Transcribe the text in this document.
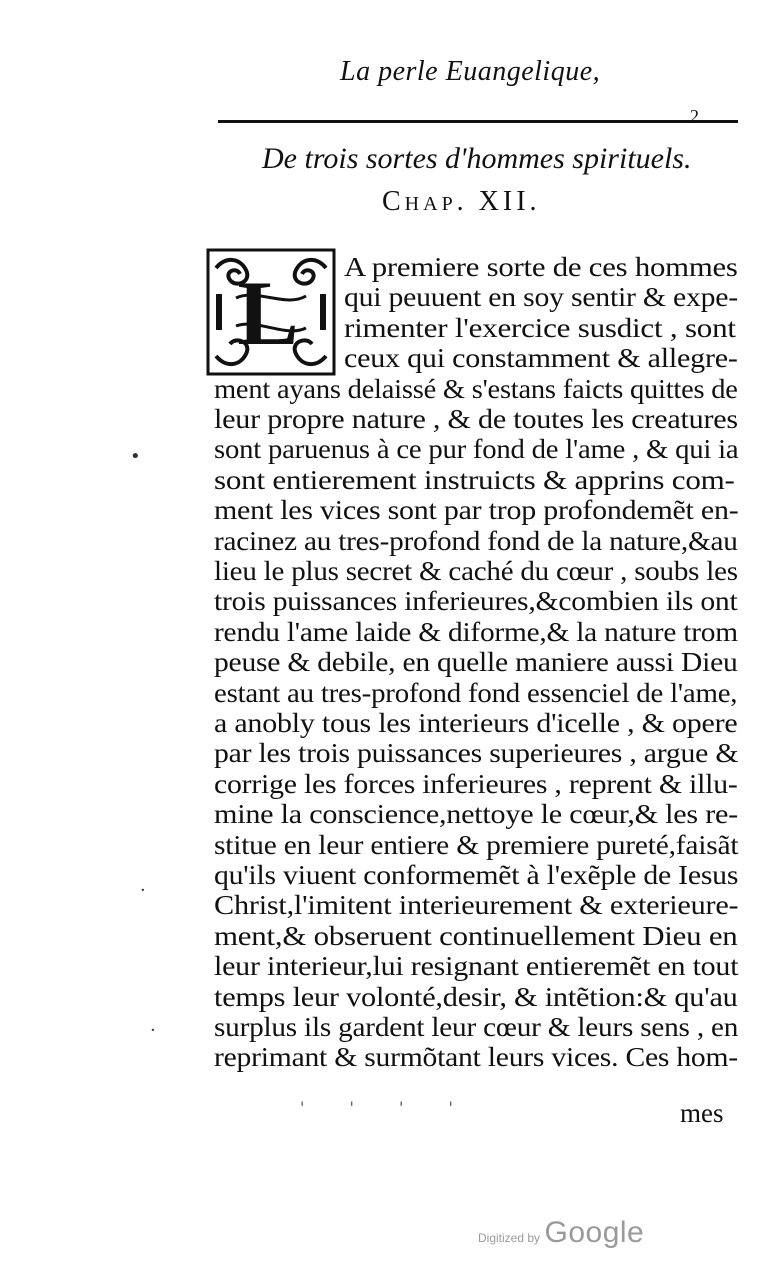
La perle Euangelique,
2
De trois sortes d'hommes spirituels.
Chap. XII.
L A premiere sorte de ces hommes
qui peuuent en soy sentir & expe-
rimenter l'exercice susdict , sont
ceux qui constamment & allegre-
ment ayans delaissé & s'estans faicts quittes de
leur propre nature , & de toutes les creatures
sont paruenus à ce pur fond de l'ame , & qui ia
sont entierement instruicts & apprins com-
ment les vices sont par trop profondemẽt en-
racinez au tres-profond fond de la nature,&au
lieu le plus secret & caché du cœur , soubs les
trois puissances inferieures,&combien ils ont
rendu l'ame laide & diforme,& la nature trom
peuse & debile, en quelle maniere aussi Dieu
estant au tres-profond fond essenciel de l'ame,
a anobly tous les interieurs d'icelle , & opere
par les trois puissances superieures , argue &
corrige les forces inferieures , reprent & illu-
mine la conscience,nettoye le cœur,& les re-
stitue en leur entiere & premiere pureté,faisãt
qu'ils viuent conformemẽt à l'exẽple de Iesus
Christ,l'imitent interieurement & exterieure-
ment,& obseruent continuellement Dieu en
leur interieur,lui resignant entieremẽt en tout
temps leur volonté,desir, & intẽtion:& qu'au
surplus ils gardent leur cœur & leurs sens , en
reprimant & surmõtant leurs vices. Ces hom-
mes
•
·
·
' ' ' '
Digitized by Google
